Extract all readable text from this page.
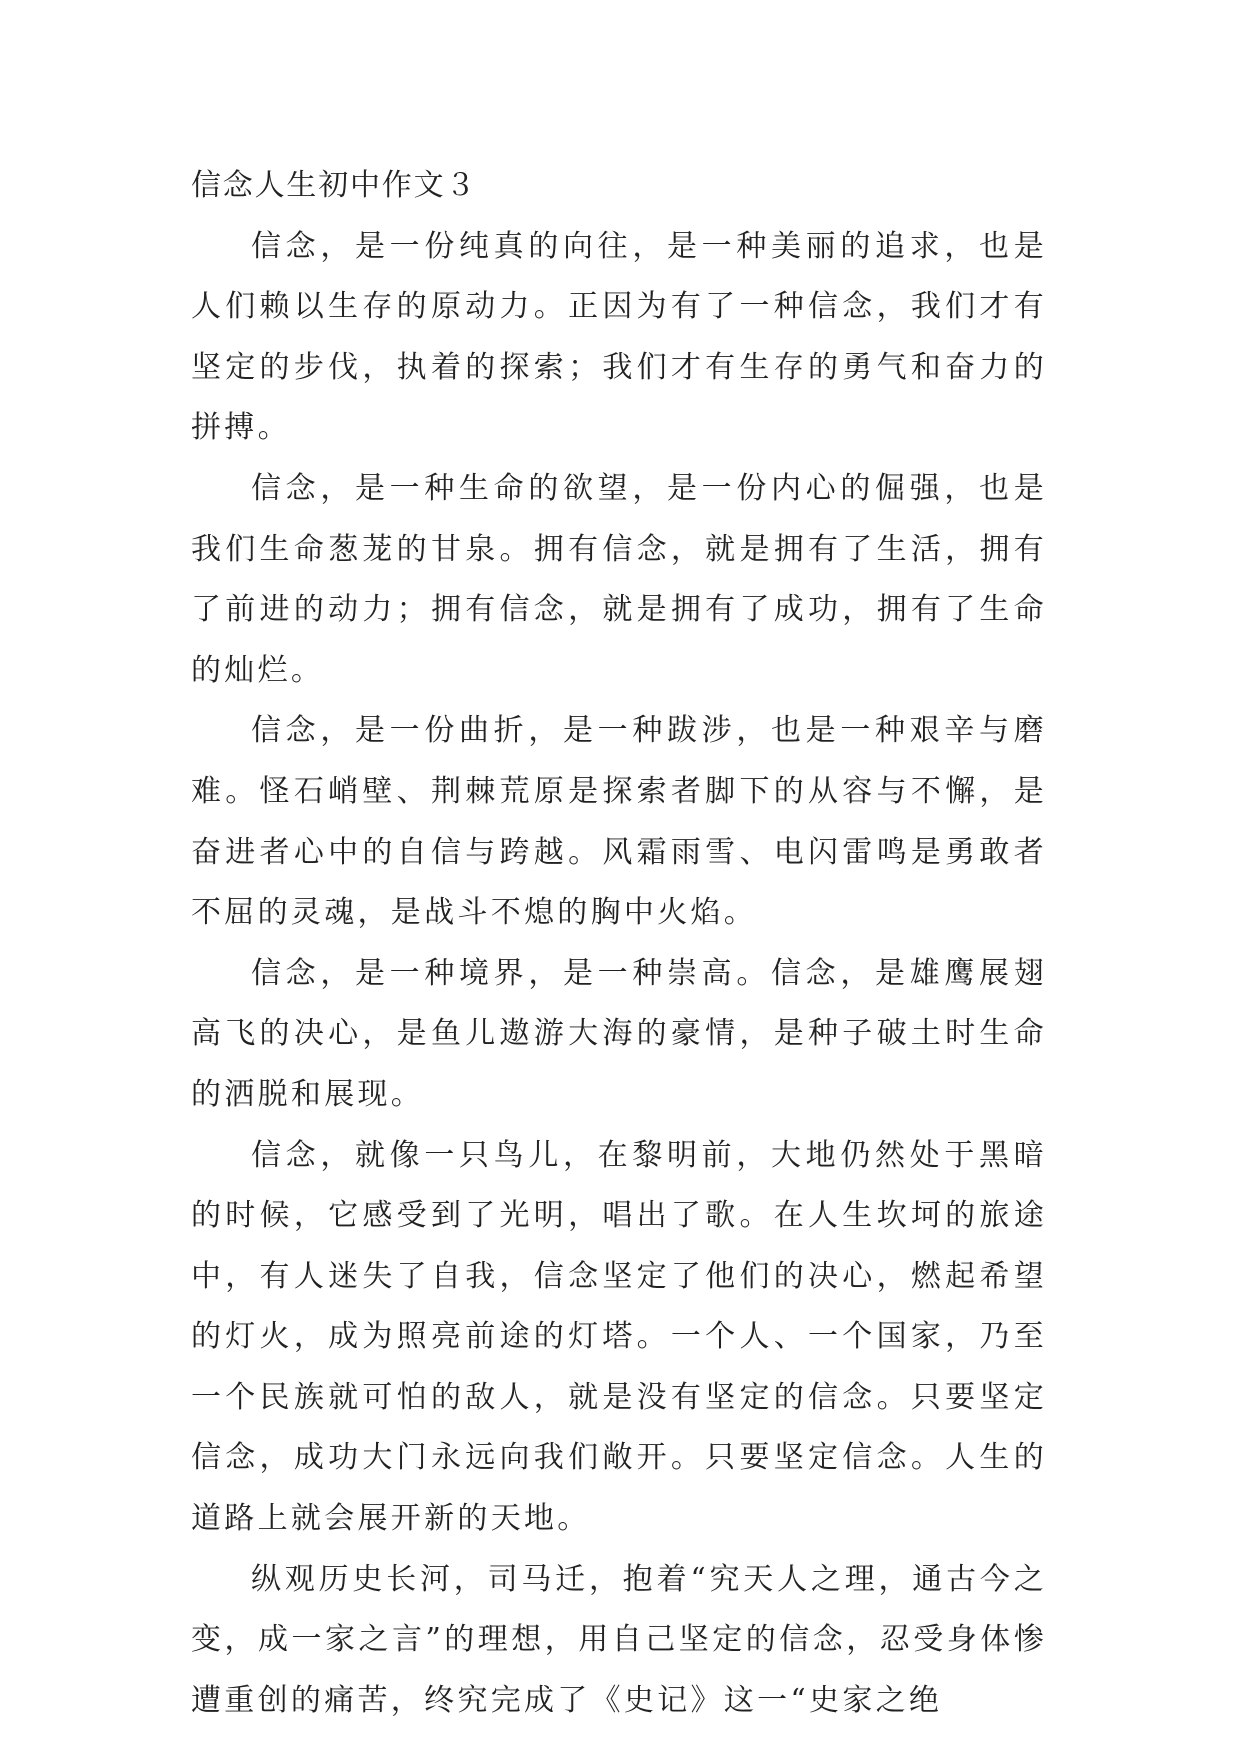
信念人生初中作文３

信念，是一份纯真的向往，是一种美丽的追求，也是人们赖以生存的原动力。正因为有了一种信念，我们才有坚定的步伐，执着的探索；我们才有生存的勇气和奋力的拼搏。

信念，是一种生命的欲望，是一份内心的倔强，也是我们生命葱茏的甘泉。拥有信念，就是拥有了生活，拥有了前进的动力；拥有信念，就是拥有了成功，拥有了生命的灿烂。

信念，是一份曲折，是一种跋涉，也是一种艰辛与磨难。怪石峭壁、荆棘荒原是探索者脚下的从容与不懈，是奋进者心中的自信与跨越。风霜雨雪、电闪雷鸣是勇敢者不屈的灵魂，是战斗不熄的胸中火焰。

信念，是一种境界，是一种崇高。信念，是雄鹰展翅高飞的决心，是鱼儿遨游大海的豪情，是种子破土时生命的洒脱和展现。

信念，就像一只鸟儿，在黎明前，大地仍然处于黑暗的时候，它感受到了光明，唱出了歌。在人生坎坷的旅途中，有人迷失了自我，信念坚定了他们的决心，燃起希望的灯火，成为照亮前途的灯塔。一个人、一个国家，乃至一个民族就可怕的敌人，就是没有坚定的信念。只要坚定信念，成功大门永远向我们敞开。只要坚定信念。人生的道路上就会展开新的天地。

纵观历史长河，司马迁，抱着“究天人之理，通古今之变，成一家之言”的理想，用自己坚定的信念，忍受身体惨遭重创的痛苦，终究完成了《史记》这一“史家之绝
